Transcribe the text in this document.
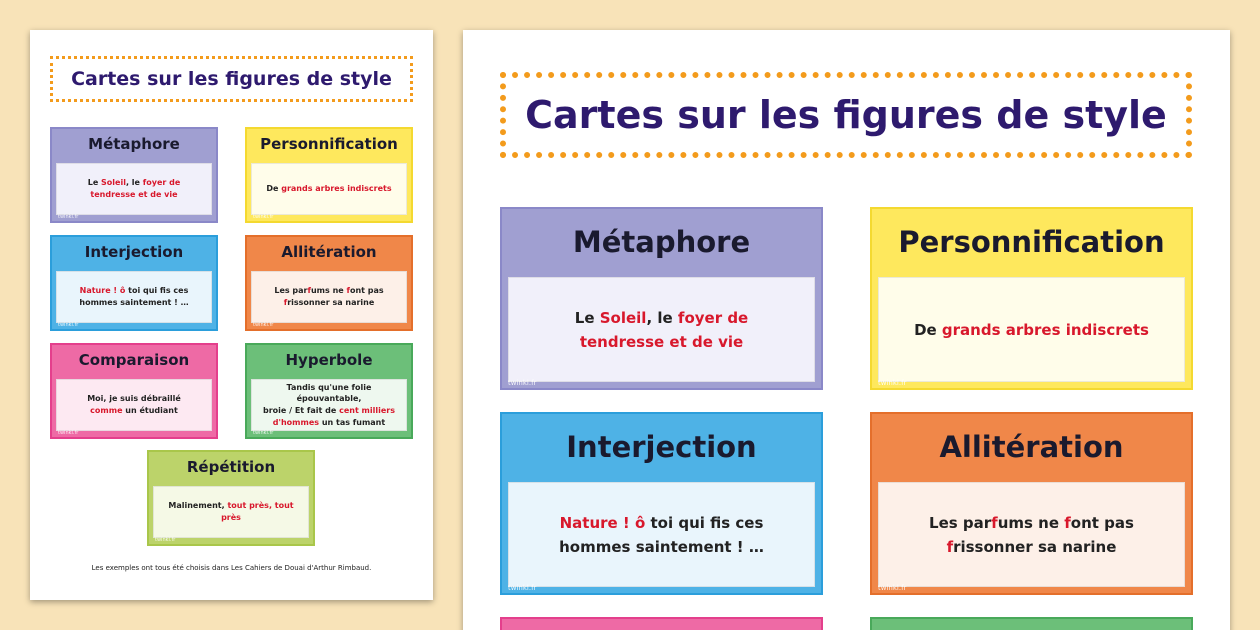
Cartes sur les figures de style
Métaphore
Le Soleil, le foyer de
tendresse et de vie
twinkl.fr
Personnification
De grands arbres indiscrets
twinkl.fr
Interjection
Nature ! ô toi qui fis ces
hommes saintement ! …
twinkl.fr
Allitération
Les parfums ne font pas
frissonner sa narine
twinkl.fr
Comparaison
Moi, je suis débraillé
comme un étudiant
twinkl.fr
Hyperbole
Tandis qu'une folie épouvantable,
broie / Et fait de cent milliers
d'hommes un tas fumant
twinkl.fr
Répétition
Malinement, tout près, tout près
twinkl.fr
Les exemples ont tous été choisis dans Les Cahiers de Douai d'Arthur Rimbaud.
Cartes sur les figures de style
Métaphore
Le Soleil, le foyer de
tendresse et de vie
twinkl.fr
Personnification
De grands arbres indiscrets
twinkl.fr
Interjection
Nature ! ô toi qui fis ces
hommes saintement ! …
twinkl.fr
Allitération
Les parfums ne font pas
frissonner sa narine
twinkl.fr
